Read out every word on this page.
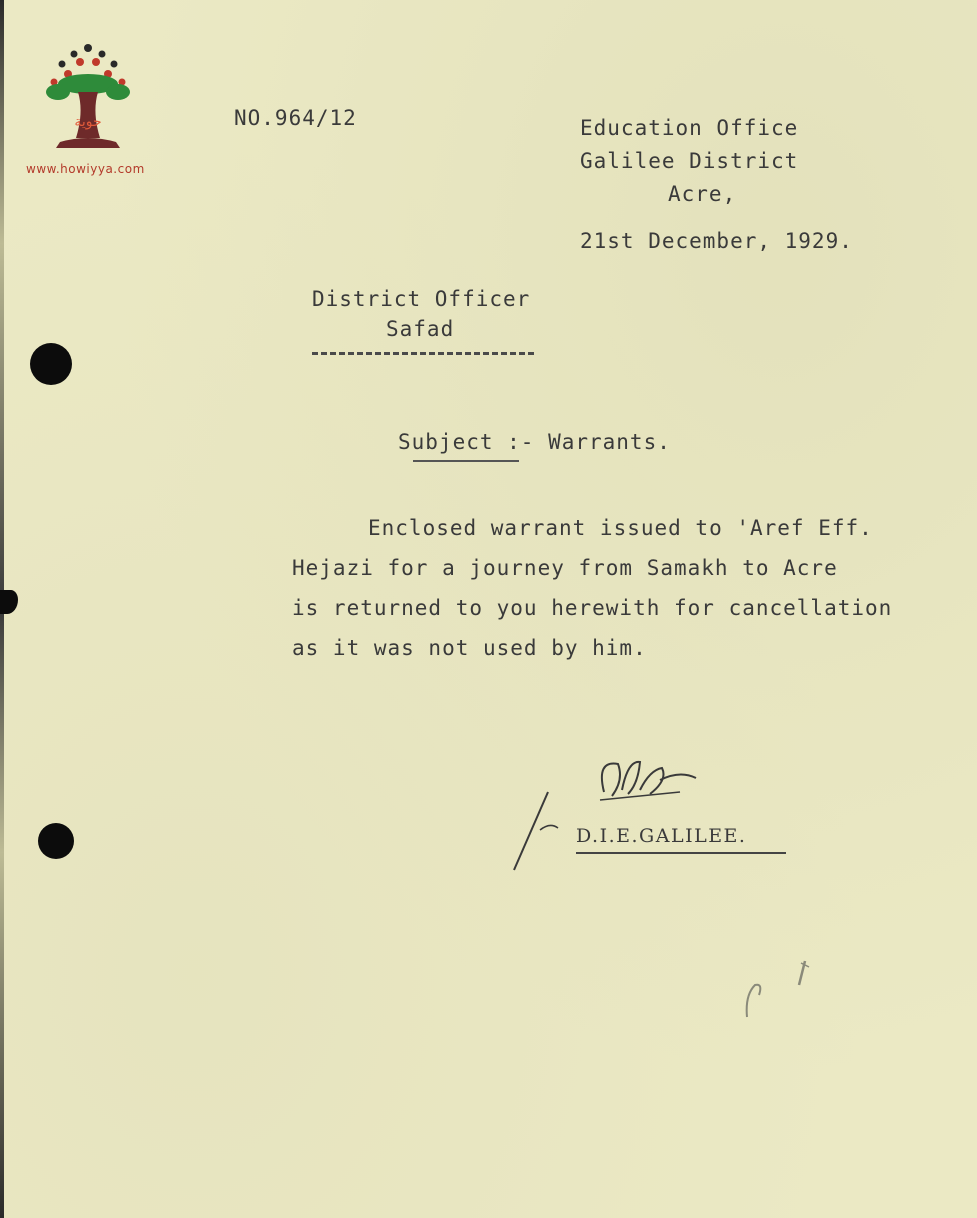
حوية
www.howiyya.com
NO.964/12	Education Office
Galilee District
Acre,
21st December, 1929.
District Officer
Safad
Subject :- Warrants.
Enclosed warrant issued to 'Aref Eff.
Hejazi for a journey from Samakh to Acre
is returned to you herewith for cancellation
as it was not used by him.
D.I.E.GALILEE.
